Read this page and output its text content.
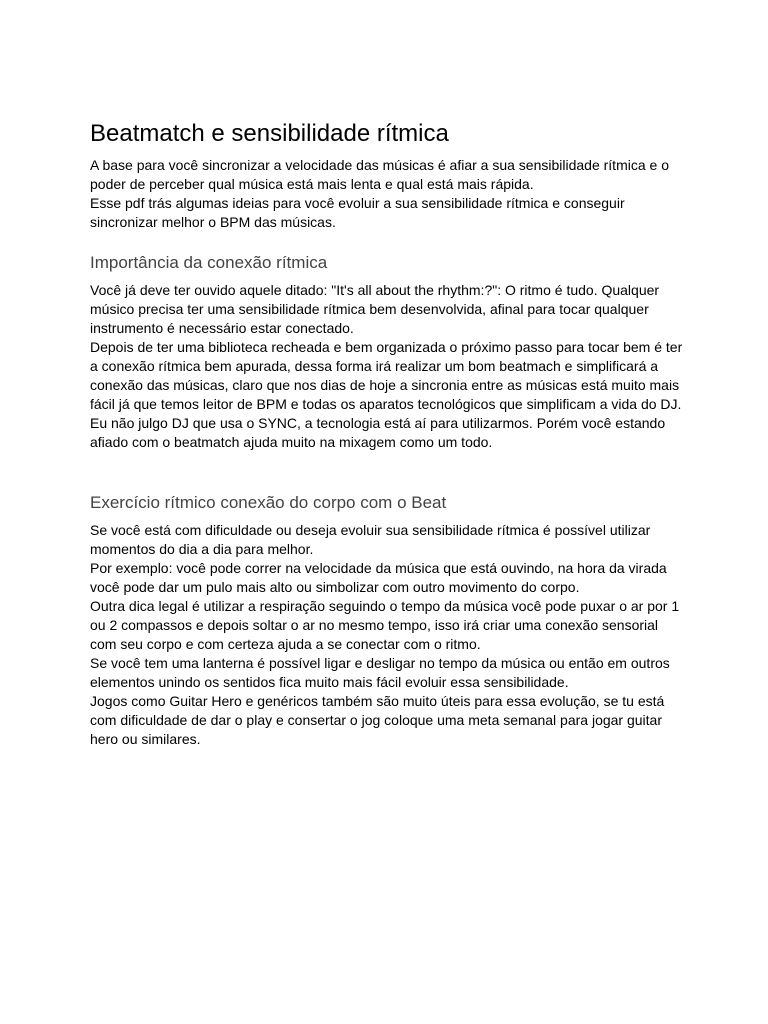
Beatmatch e sensibilidade rítmica
A base para você sincronizar a velocidade das músicas é afiar a sua sensibilidade rítmica e o
poder de perceber qual música está mais lenta e qual está mais rápida.
Esse pdf trás algumas ideias para você evoluir a sua sensibilidade rítmica e conseguir
sincronizar melhor o BPM das músicas.
Importância da conexão rítmica
Você já deve ter ouvido aquele ditado: "It's all about the rhythm:?": O ritmo é tudo. Qualquer
músico precisa ter uma sensibilidade rítmica bem desenvolvida, afinal para tocar qualquer
instrumento é necessário estar conectado.
Depois de ter uma biblioteca recheada e bem organizada o próximo passo para tocar bem é ter
a conexão rítmica bem apurada, dessa forma irá realizar um bom beatmach e simplificará a
conexão das músicas, claro que nos dias de hoje a sincronia entre as músicas está muito mais
fácil já que temos leitor de BPM e todas os aparatos tecnológicos que simplificam a vida do DJ.
Eu não julgo DJ que usa o SYNC, a tecnologia está aí para utilizarmos. Porém você estando
afiado com o beatmatch ajuda muito na mixagem como um todo.
Exercício rítmico conexão do corpo com o Beat
Se você está com dificuldade ou deseja evoluir sua sensibilidade rítmica é possível utilizar
momentos do dia a dia para melhor.
Por exemplo: você pode correr na velocidade da música que está ouvindo, na hora da virada
você pode dar um pulo mais alto ou simbolizar com outro movimento do corpo.
Outra dica legal é utilizar a respiração seguindo o tempo da música você pode puxar o ar por 1
ou 2 compassos e depois soltar o ar no mesmo tempo, isso irá criar uma conexão sensorial
com seu corpo e com certeza ajuda a se conectar com o ritmo.
Se você tem uma lanterna é possível ligar e desligar no tempo da música ou então em outros
elementos unindo os sentidos fica muito mais fácil evoluir essa sensibilidade.
Jogos como Guitar Hero e genéricos também são muito úteis para essa evolução, se tu está
com dificuldade de dar o play e consertar o jog coloque uma meta semanal para jogar guitar
hero ou similares.
